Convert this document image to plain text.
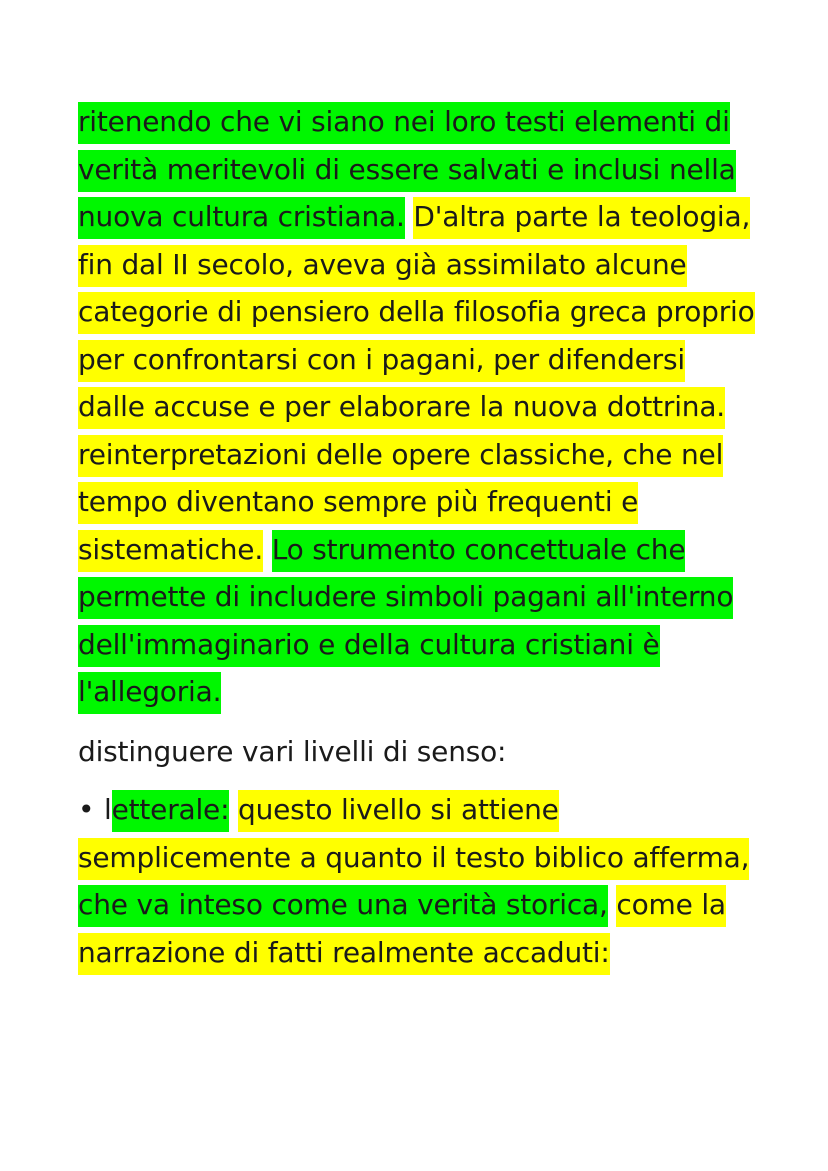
ritenendo che vi siano nei loro testi elementi di verità meritevoli di essere salvati e inclusi nella nuova cultura cristiana. D'altra parte la teologia, fin dal II secolo, aveva già assimilato alcune categorie di pensiero della filosofia greca proprio per confrontarsi con i pagani, per difendersi dalle accuse e per elaborare la nuova dottrina. reinterpretazioni delle opere classiche, che nel tempo diventano sempre più frequenti e sistematiche. Lo strumento concettuale che permette di includere simboli pagani all'interno dell'immaginario e della cultura cristiani è l'allegoria.

distinguere vari livelli di senso:

• letterale: questo livello si attiene semplicemente a quanto il testo biblico afferma, che va inteso come una verità storica, come la narrazione di fatti realmente accaduti:
